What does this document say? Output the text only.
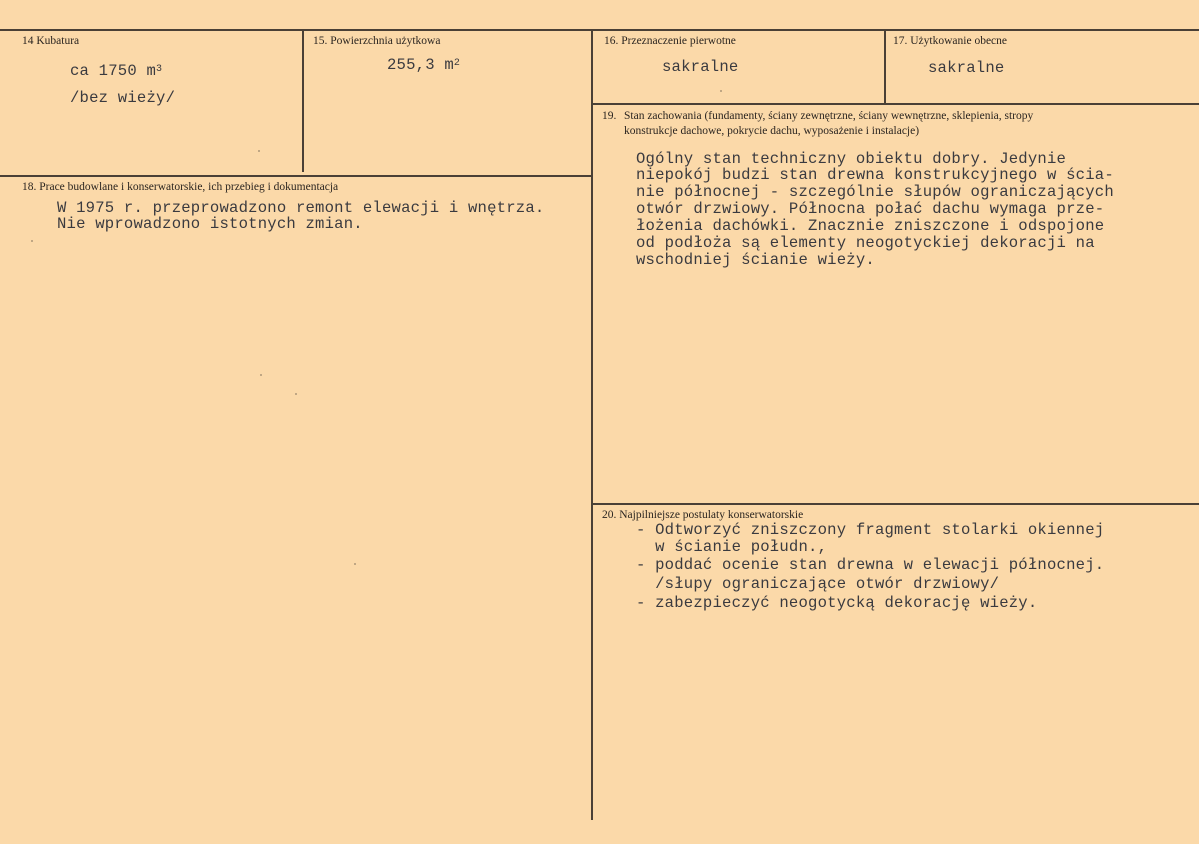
14 Kubatura
ca 1750 $m^3$
/bez wieży/
15. Powierzchnia użytkowa
255,3 $m^2$
16. Przeznaczenie pierwotne
sakralne
17. Użytkowanie obecne
sakralne
18. Prace budowlane i konserwatorskie, ich przebieg i dokumentacja
W 1975 r. przeprowadzono remont elewacji i wnętrza.
Nie wprowadzono istotnych zmian.
19. Stan zachowania (fundamenty, ściany zewnętrzne, ściany wewnętrzne, sklepienia, stropy
konstrukcje dachowe, pokrycie dachu, wyposażenie i instalacje)
Ogólny stan techniczny obiektu dobry. Jedynie
niepokój budzi stan drewna konstrukcyjnego w ścia-
nie północnej - szczególnie słupów ograniczających
otwór drzwiowy. Północna połać dachu wymaga prze-
łożenia dachówki. Znacznie zniszczone i odspojone
od podłoża są elementy neogotyckiej dekoracji na
wschodniej ścianie wieży.
20. Najpilniejsze postulaty konserwatorskie
- Odtworzyć zniszczony fragment stolarki okiennej
w ścianie połudn.,
- poddać ocenie stan drewna w elewacji północnej.
/słupy ograniczające otwór drzwiowy/
- zabezpieczyć neogotycką dekorację wieży.
